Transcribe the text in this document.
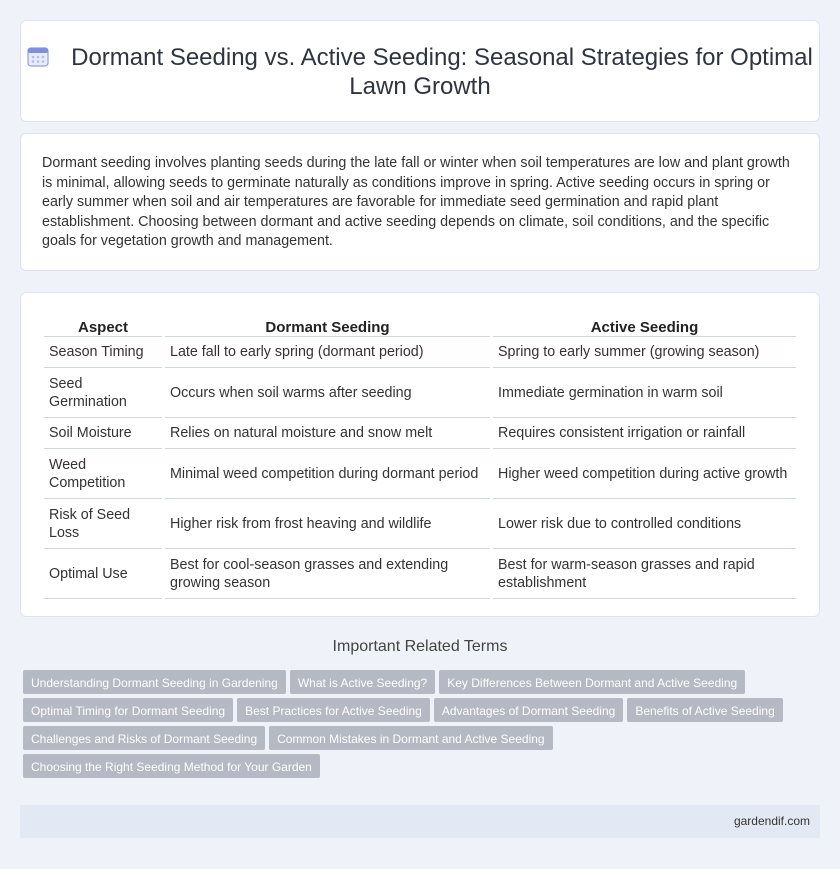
Dormant Seeding vs. Active Seeding: Seasonal Strategies for Optimal Lawn Growth

Dormant seeding involves planting seeds during the late fall or winter when soil temperatures are low and plant growth is minimal, allowing seeds to germinate naturally as conditions improve in spring. Active seeding occurs in spring or early summer when soil and air temperatures are favorable for immediate seed germination and rapid plant establishment. Choosing between dormant and active seeding depends on climate, soil conditions, and the specific goals for vegetation growth and management.

Aspect	Dormant Seeding	Active Seeding
Season Timing	Late fall to early spring (dormant period)	Spring to early summer (growing season)
Seed Germination	Occurs when soil warms after seeding	Immediate germination in warm soil
Soil Moisture	Relies on natural moisture and snow melt	Requires consistent irrigation or rainfall
Weed Competition	Minimal weed competition during dormant period	Higher weed competition during active growth
Risk of Seed Loss	Higher risk from frost heaving and wildlife	Lower risk due to controlled conditions
Optimal Use	Best for cool-season grasses and extending growing season	Best for warm-season grasses and rapid establishment
Important Related Terms
Understanding Dormant Seeding in Gardening What is Active Seeding? Key Differences Between Dormant and Active Seeding
Optimal Timing for Dormant Seeding Best Practices for Active Seeding Advantages of Dormant Seeding Benefits of Active Seeding
Challenges and Risks of Dormant Seeding Common Mistakes in Dormant and Active Seeding
Choosing the Right Seeding Method for Your Garden
gardendif.com
